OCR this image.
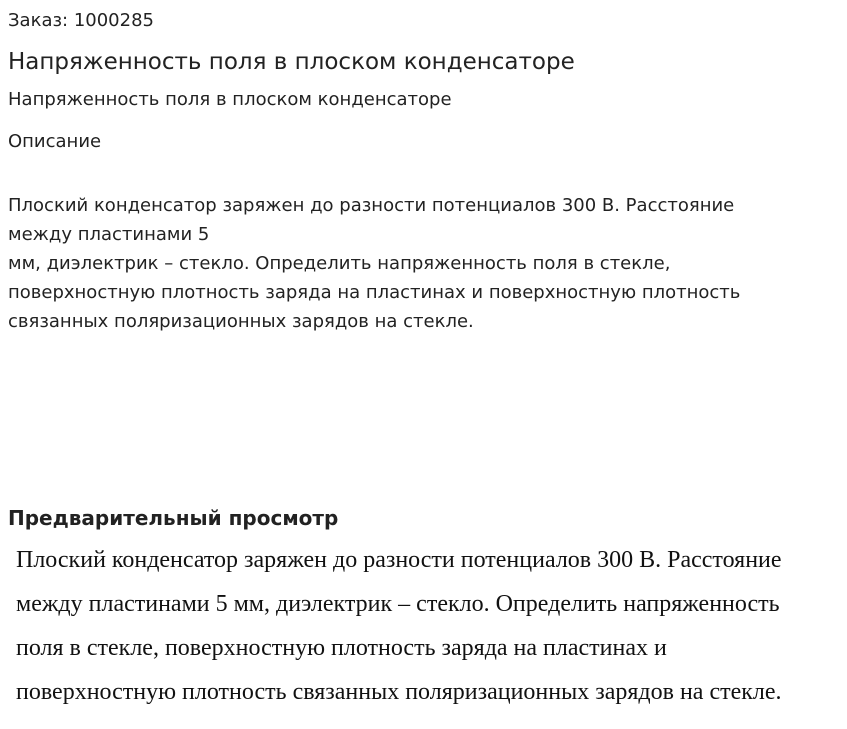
Заказ: 1000285
Напряженность поля в плоском конденсаторе
Напряженность поля в плоском конденсаторе
Описание
Плоский конденсатор заряжен до разности потенциалов 300 В. Расстояние
между пластинами 5
мм, диэлектрик – стекло. Определить напряженность поля в стекле,
поверхностную плотность заряда на пластинах и поверхностную плотность
связанных поляризационных зарядов на стекле.
Предварительный просмотр
Плоский конденсатор заряжен до разности потенциалов 300 В. Расстояние
между пластинами 5 мм, диэлектрик – стекло. Определить напряженность
поля в стекле, поверхностную плотность заряда на пластинах и
поверхностную плотность связанных поляризационных зарядов на стекле.
